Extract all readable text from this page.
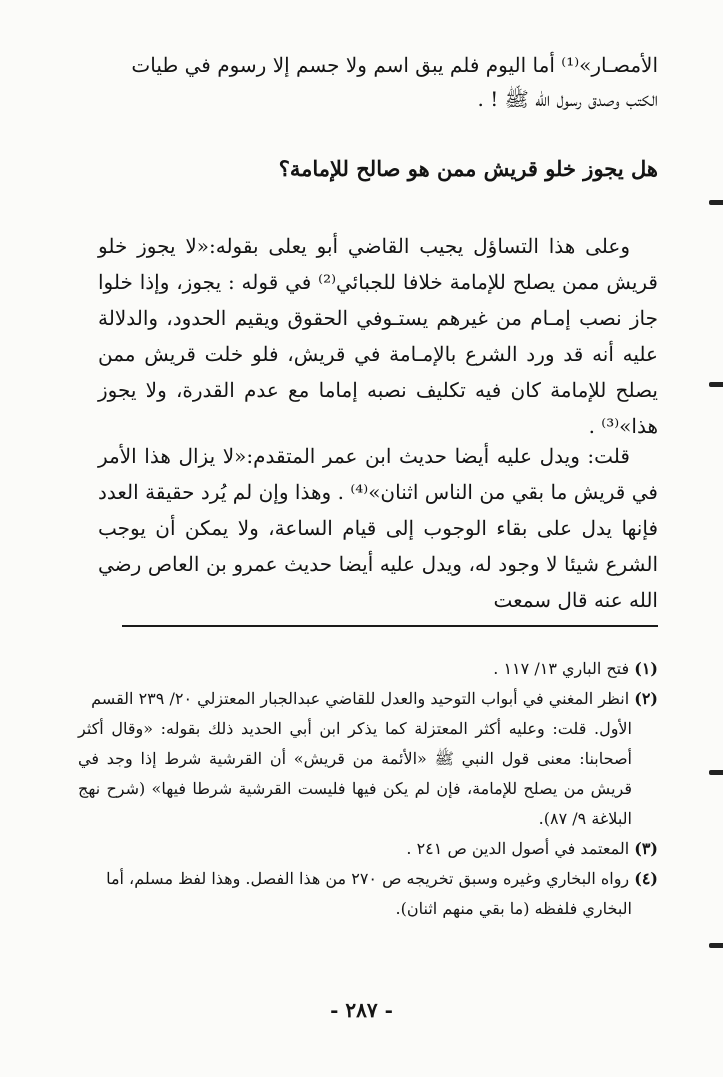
الأمصـار»⁽¹⁾ أما اليوم فلم يبق اسم ولا جسم إلا رسوم في طيات

الكتب وصدق رسول الله ﷺ ! .

هل يجوز خلو قريش ممن هو صالح للإمامة؟

وعلى هذا التساؤل يجيب القاضي أبو يعلى بقوله:«لا يجوز خلو قريش ممن يصلح للإمامة خلافا للجبائي⁽²⁾ في قوله : يجوز، وإذا خلوا جاز نصب إمـام من غيرهم يستـوفي الحقوق ويقيم الحدود، والدلالة عليه أنه قد ورد الشرع بالإمـامة في قريش، فلو خلت قريش ممن يصلح للإمامة كان فيه تكليف نصبه إماما مع عدم القدرة، ولا يجوز هذا»⁽³⁾ .

قلت: ويدل عليه أيضا حديث ابن عمر المتقدم:«لا يزال هذا الأمر في قريش ما بقي من الناس اثنان»⁽⁴⁾ . وهذا وإن لم يُرد حقيقة العدد فإنها يدل على بقاء الوجوب إلى قيام الساعة، ولا يمكن أن يوجب الشرع شيئا لا وجود له، ويدل عليه أيضا حديث عمرو بن العاص رضي الله عنه قال سمعت

(١) فتح الباري ١٣/ ١١٧ .

(٢) انظر المغني في أبواب التوحيد والعدل للقاضي عبدالجبار المعتزلي ٢٠/ ٢٣٩ القسم

الأول. قلت: وعليه أكثر المعتزلة كما يذكر ابن أبي الحديد ذلك بقوله: «وقال أكثر أصحابنا: معنى قول النبي ﷺ «الأئمة من قريش» أن القرشية شرط إذا وجد في قريش من يصلح للإمامة، فإن لم يكن فيها فليست القرشية شرطا فيها» (شرح نهج البلاغة ٩/ ٨٧).

(٣) المعتمد في أصول الدين ص ٢٤١ .

(٤) رواه البخاري وغيره وسبق تخريجه ص ٢٧٠ من هذا الفصل. وهذا لفظ مسلم، أما

البخاري فلفظه (ما بقي منهم اثنان).

- ٢٨٧ -
